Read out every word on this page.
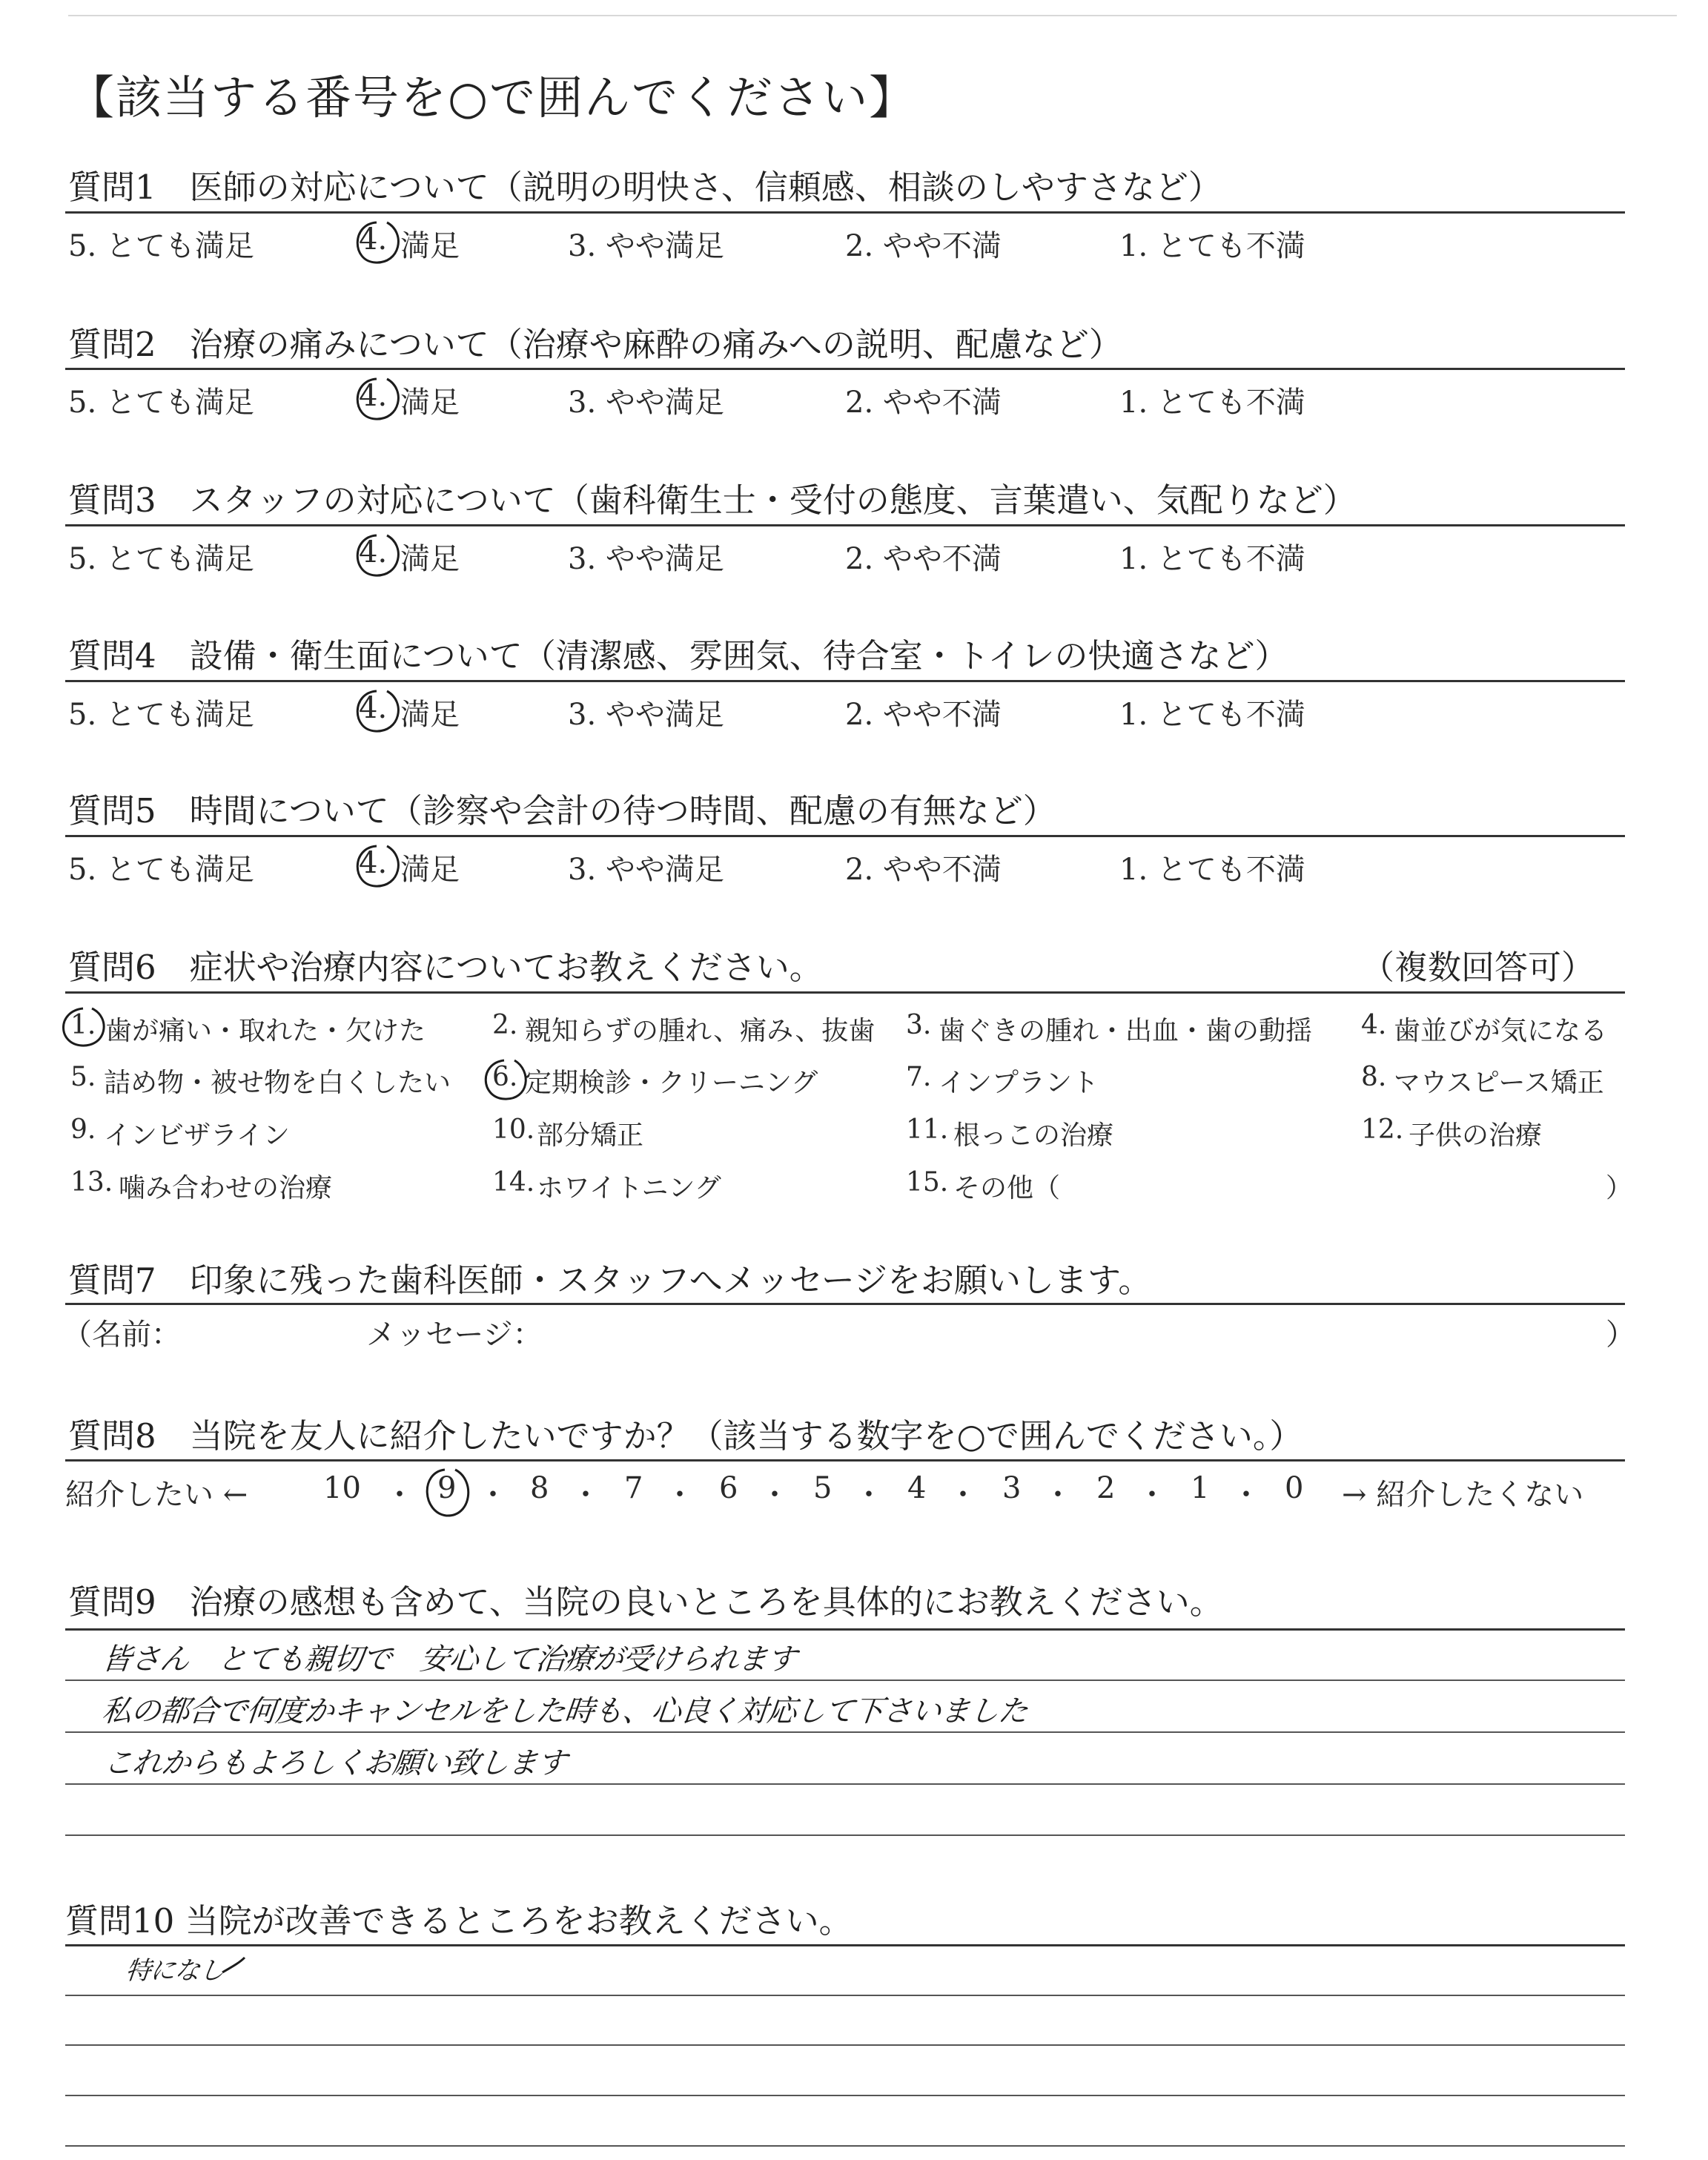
【該当する番号を○で囲んでください】
質問1　医師の対応について（説明の明快さ、信頼感、相談のしやすさなど）
5. とても満足	4. 満足	3. やや満足	2. やや不満	1. とても不満
質問2　治療の痛みについて（治療や麻酔の痛みへの説明、配慮など）
5. とても満足	4. 満足	3. やや満足	2. やや不満	1. とても不満
質問3　スタッフの対応について（歯科衛生士・受付の態度、言葉遣い、気配りなど）
5. とても満足	4. 満足	3. やや満足	2. やや不満	1. とても不満
質問4　設備・衛生面について（清潔感、雰囲気、待合室・トイレの快適さなど）
5. とても満足	4. 満足	3. やや満足	2. やや不満	1. とても不満
質問5　時間について（診察や会計の待つ時間、配慮の有無など）
5. とても満足	4. 満足	3. やや満足	2. やや不満	1. とても不満
質問6　症状や治療内容についてお教えください。	（複数回答可）
1. 歯が痛い・取れた・欠けた 2. 親知らずの腫れ、痛み、抜歯 3. 歯ぐきの腫れ・出血・歯の動揺 4. 歯並びが気になる
5. 詰め物・被せ物を白くしたい 6. 定期検診・クリーニング	7. インプラント	8. マウスピース矯正
9. インビザライン	10. 部分矯正	11. 根っこの治療	12. 子供の治療
13. 噛み合わせの治療	14. ホワイトニング	15. その他（	）
質問7　印象に残った歯科医師・スタッフへメッセージをお願いします。
（名前：	メッセージ：	）
質問8　当院を友人に紹介したいですか？（該当する数字を○で囲んでください。）
紹介したい ←	10 ・ 9 ・ 8 ・ 7 ・ 6 ・ 5 ・ 4 ・ 3 ・ 2 ・ 1 ・ 0 → 紹介したくない
質問9　治療の感想も含めて、当院の良いところを具体的にお教えください。
皆さん　とても親切で　安心して治療が受けられます
私の都合で何度かキャンセルをした時も、心良く対応して下さいました
これからもよろしくお願い致します
質問10 当院が改善できるところをお教えください。
特になし
